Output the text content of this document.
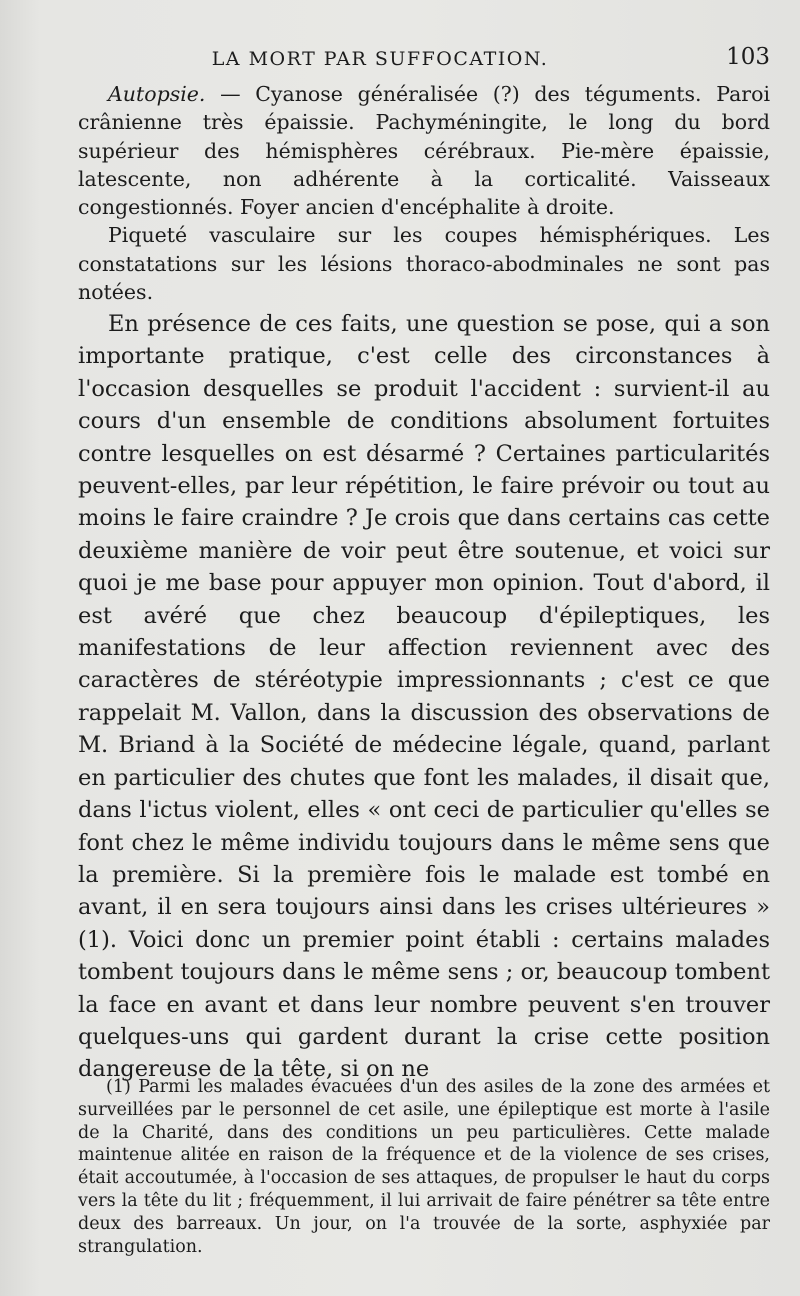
LA MORT PAR SUFFOCATION.	103

Autopsie. — Cyanose généralisée (?) des téguments. Paroi crânienne très épaissie. Pachyméningite, le long du bord supérieur des hémisphères cérébraux. Pie-mère épaissie, latescente, non adhérente à la corticalité. Vaisseaux congestionnés. Foyer ancien d'encéphalite à droite.

Piqueté vasculaire sur les coupes hémisphériques. Les constatations sur les lésions thoraco-abodminales ne sont pas notées.

En présence de ces faits, une question se pose, qui a son importante pratique, c'est celle des circonstances à l'occasion desquelles se produit l'accident : survient-il au cours d'un ensemble de conditions absolument fortuites contre lesquelles on est désarmé ? Certaines particularités peuvent-elles, par leur répétition, le faire prévoir ou tout au moins le faire craindre ? Je crois que dans certains cas cette deuxième manière de voir peut être soutenue, et voici sur quoi je me base pour appuyer mon opinion. Tout d'abord, il est avéré que chez beaucoup d'épileptiques, les manifestations de leur affection reviennent avec des caractères de stéréotypie impressionnants ; c'est ce que rappelait M. Vallon, dans la discussion des observations de M. Briand à la Société de médecine légale, quand, parlant en particulier des chutes que font les malades, il disait que, dans l'ictus violent, elles « ont ceci de particulier qu'elles se font chez le même individu toujours dans le même sens que la première. Si la première fois le malade est tombé en avant, il en sera toujours ainsi dans les crises ultérieures » (1). Voici donc un premier point établi : certains malades tombent toujours dans le même sens ; or, beaucoup tombent la face en avant et dans leur nombre peuvent s'en trouver quelques-uns qui gardent durant la crise cette position dangereuse de la tête, si on ne

(1) Parmi les malades évacuées d'un des asiles de la zone des armées et surveillées par le personnel de cet asile, une épileptique est morte à l'asile de la Charité, dans des conditions un peu particulières. Cette malade maintenue alitée en raison de la fréquence et de la violence de ses crises, était accoutumée, à l'occasion de ses attaques, de propulser le haut du corps vers la tête du lit ; fréquemment, il lui arrivait de faire pénétrer sa tête entre deux des barreaux. Un jour, on l'a trouvée de la sorte, asphyxiée par strangulation.
